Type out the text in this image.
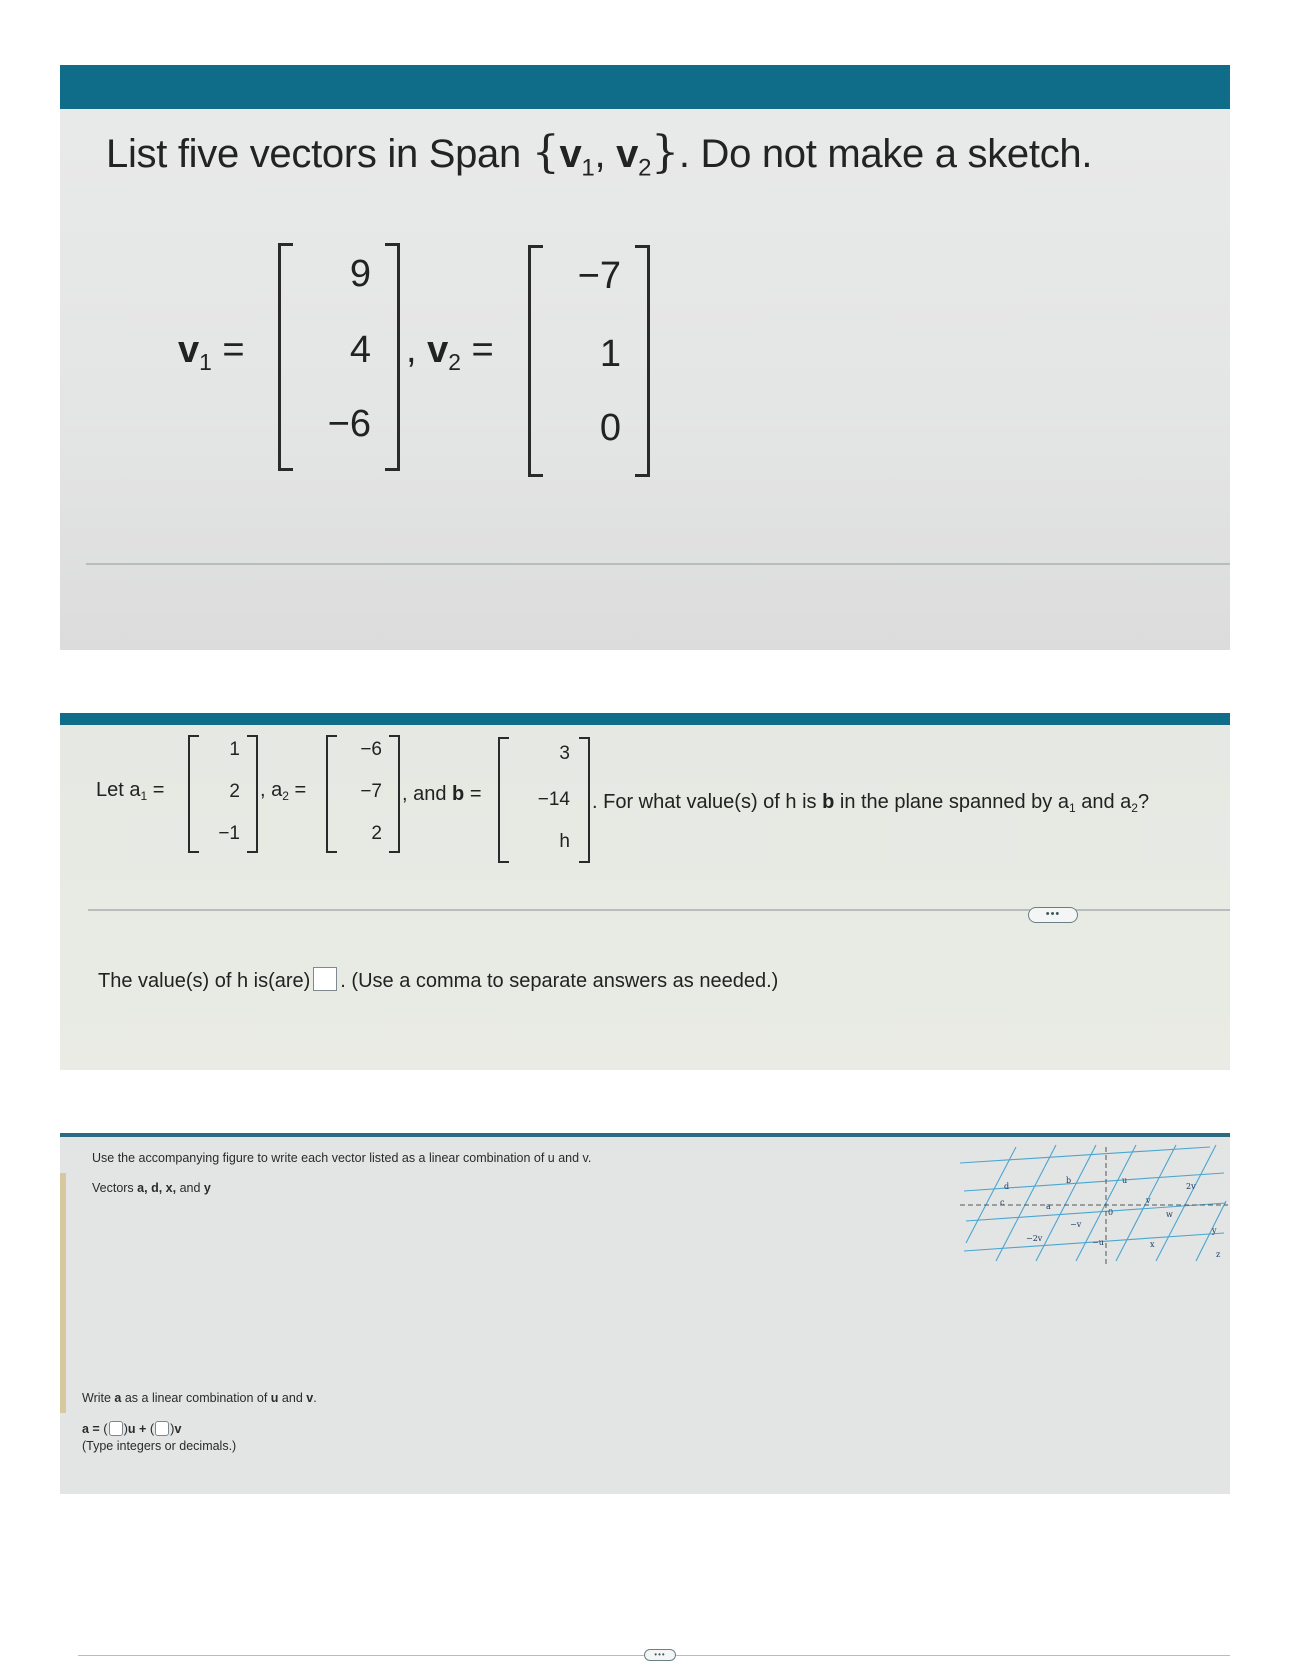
List five vectors in Span {$v_1$, $v_2$}. Do not make a sketch.
$v_1$ =
9
4
−6
, $v_2$ =
−7
1
0
Let $a_1$ =
1
2
−1
, $a_2$ =
−6
−7
2
, and b =
3
−14
h
. For what value(s) of h is b in the plane spanned by $a_1$ and $a_2$?
•••
The value(s) of h is(are) . (Use a comma to separate answers as needed.)
Use the accompanying figure to write each vector listed as a linear combination of u and v.
Vectors a, d, x, and y	d
c
b
a
−2v
−v
u
0
−u
v
w
2v
x
y
z
•••
Write a as a linear combination of u and v.
a = ( )u + ( )v
(Type integers or decimals.)
